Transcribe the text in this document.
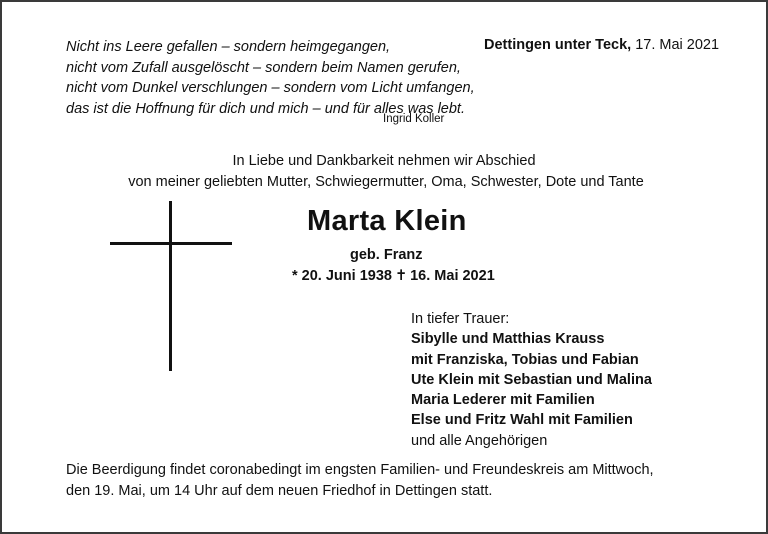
Nicht ins Leere gefallen – sondern heimgegangen,
nicht vom Zufall ausgelöscht – sondern beim Namen gerufen,
nicht vom Dunkel verschlungen – sondern vom Licht umfangen,
das ist die Hoffnung für dich und mich – und für alles was lebt.
Ingrid Koller
Dettingen unter Teck, 17. Mai 2021
In Liebe und Dankbarkeit nehmen wir Abschied

von meiner geliebten Mutter, Schwiegermutter, Oma, Schwester, Dote und Tante
Marta Klein
geb. Franz
* 20. Juni 1938 ✝ 16. Mai 2021
In tiefer Trauer:
Sibylle und Matthias Krauss
mit Franziska, Tobias und Fabian
Ute Klein mit Sebastian und Malina
Maria Lederer mit Familien
Else und Fritz Wahl mit Familien
und alle Angehörigen
Die Beerdigung findet coronabedingt im engsten Familien- und Freundeskreis am Mittwoch,
den 19. Mai, um 14 Uhr auf dem neuen Friedhof in Dettingen statt.
